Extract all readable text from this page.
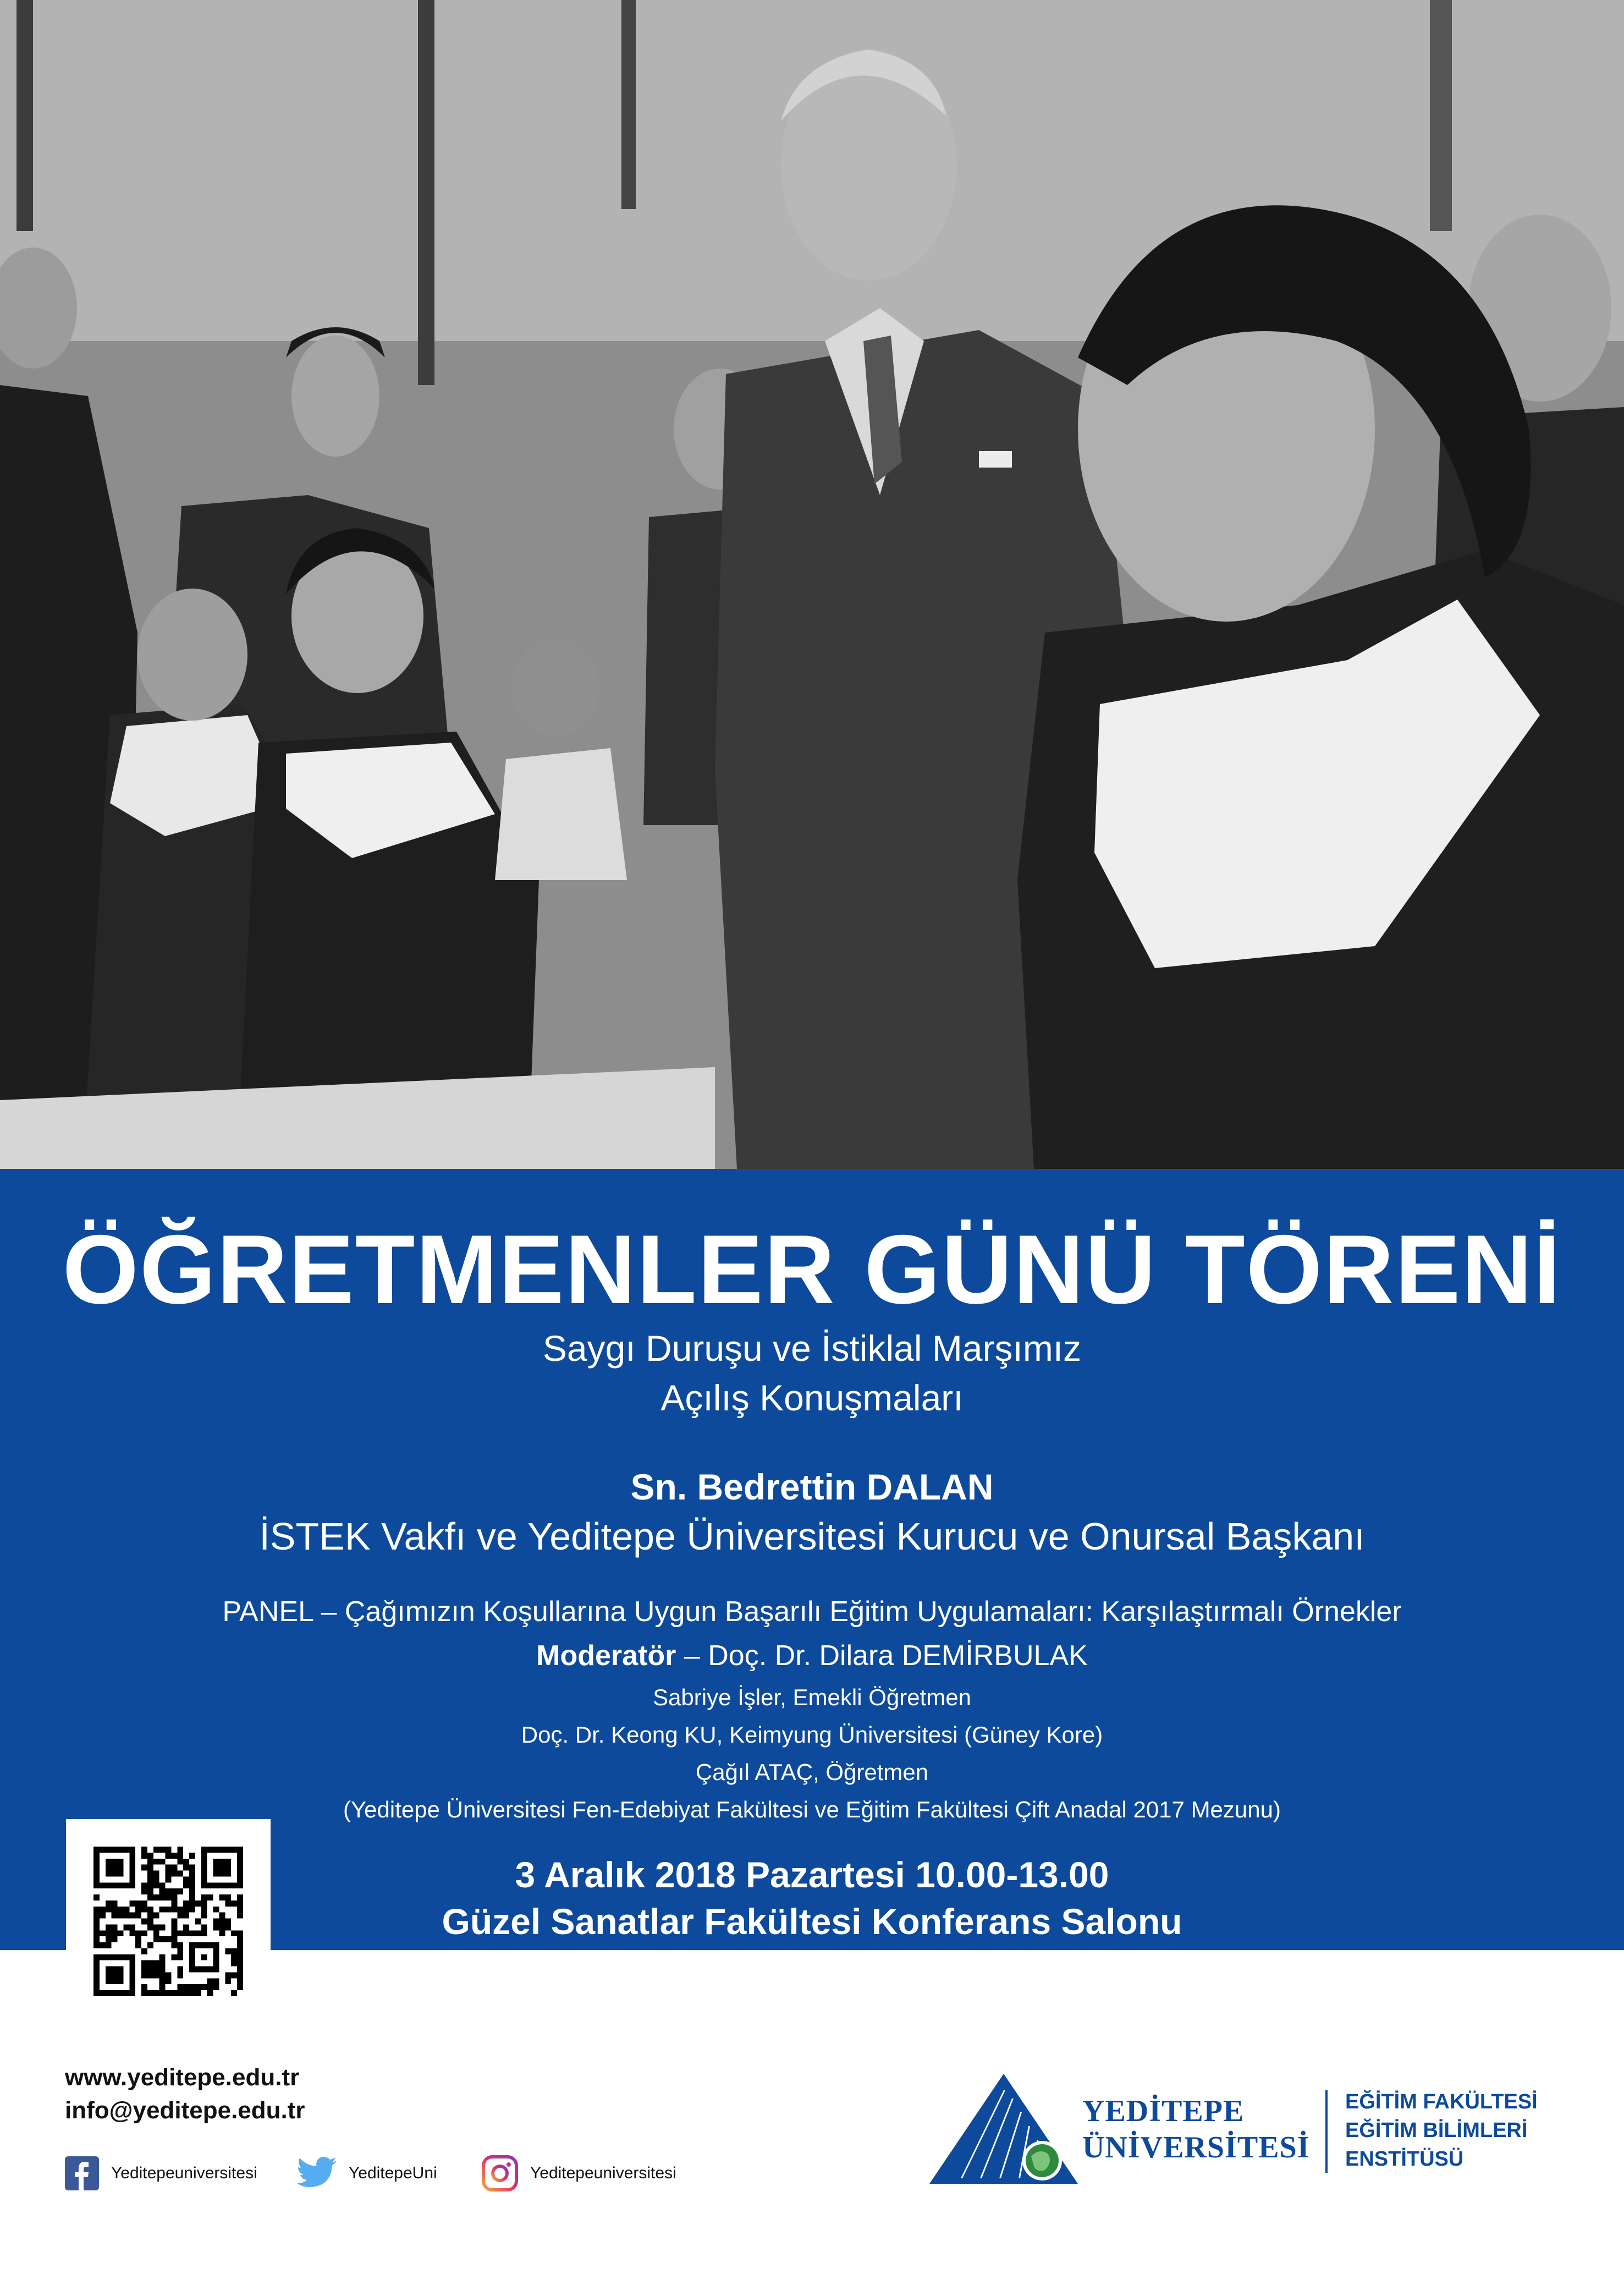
ÖĞRETMENLER GÜNÜ TÖRENİ
Saygı Duruşu ve İstiklal Marşımız
Açılış Konuşmaları
Sn. Bedrettin DALAN
İSTEK Vakfı ve Yeditepe Üniversitesi Kurucu ve Onursal Başkanı
PANEL – Çağımızın Koşullarına Uygun Başarılı Eğitim Uygulamaları: Karşılaştırmalı Örnekler
Moderatör – Doç. Dr. Dilara DEMİRBULAK
Sabriye İşler, Emekli Öğretmen
Doç. Dr. Keong KU, Keimyung Üniversitesi (Güney Kore)
Çağıl ATAÇ, Öğretmen
(Yeditepe Üniversitesi Fen-Edebiyat Fakültesi ve Eğitim Fakültesi Çift Anadal 2017 Mezunu)
3 Aralık 2018 Pazartesi 10.00-13.00
Güzel Sanatlar Fakültesi Konferans Salonu
www.yeditepe.edu.tr
info@yeditepe.edu.tr
Yeditepeuniversitesi	YeditepeUni	Yeditepeuniversitesi
YEDİTEPE
ÜNİVERSİTESİ
EĞİTİM FAKÜLTESİ
EĞİTİM BİLİMLERİ
ENSTİTÜSÜ
